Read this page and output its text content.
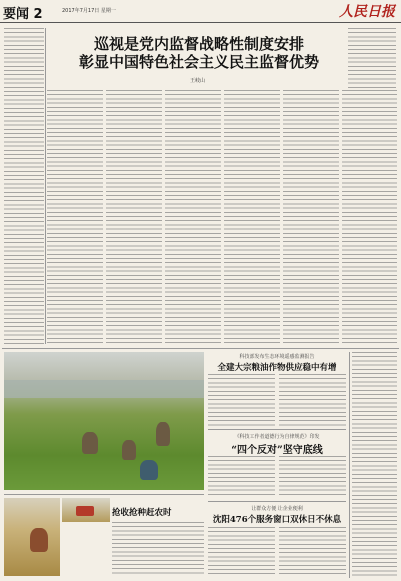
要闻 2	2017年7月17日 星期一	人民日报
巡视是党内监督战略性制度安排
彰显中国特色社会主义民主监督优势
王岐山
科技部发布生态环境遥感监测报告
全建大宗粮油作物供应稳中有增
《科技工作者道德行为自律规范》印发
“四个反对”坚守底线
让群众方便 让企业便利
沈阳476个服务窗口双休日不休息
抢收抢种赶农时
